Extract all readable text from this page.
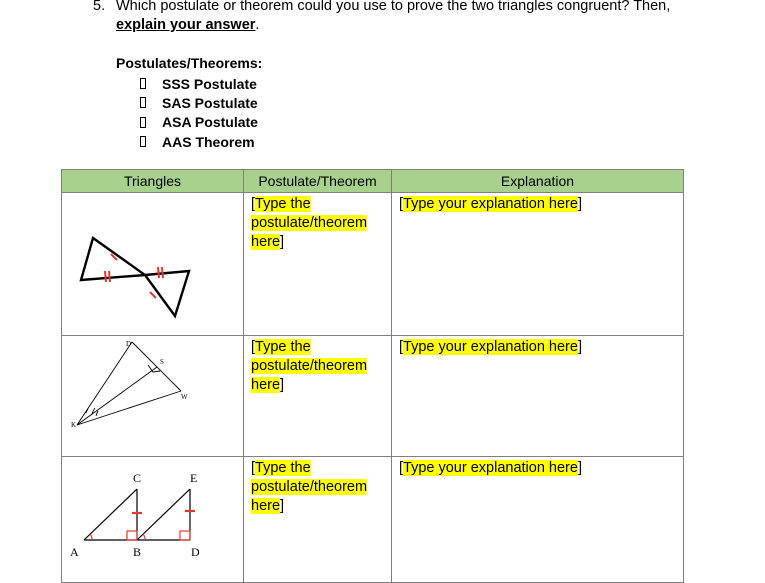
5. Which postulate or theorem could you use to prove the two triangles congruent? Then,
explain your answer.
Postulates/Theorems:
SSS Postulate
SAS Postulate
ASA Postulate
AAS Theorem
Triangles	Postulate/Theorem	Explanation

[Type the
postulate/theorem
here]	[Type your explanation here]

D
S
W
K	[Type the
postulate/theorem
here]	[Type your explanation here]

C E
A B D	[Type the
postulate/theorem
here]	[Type your explanation here]
